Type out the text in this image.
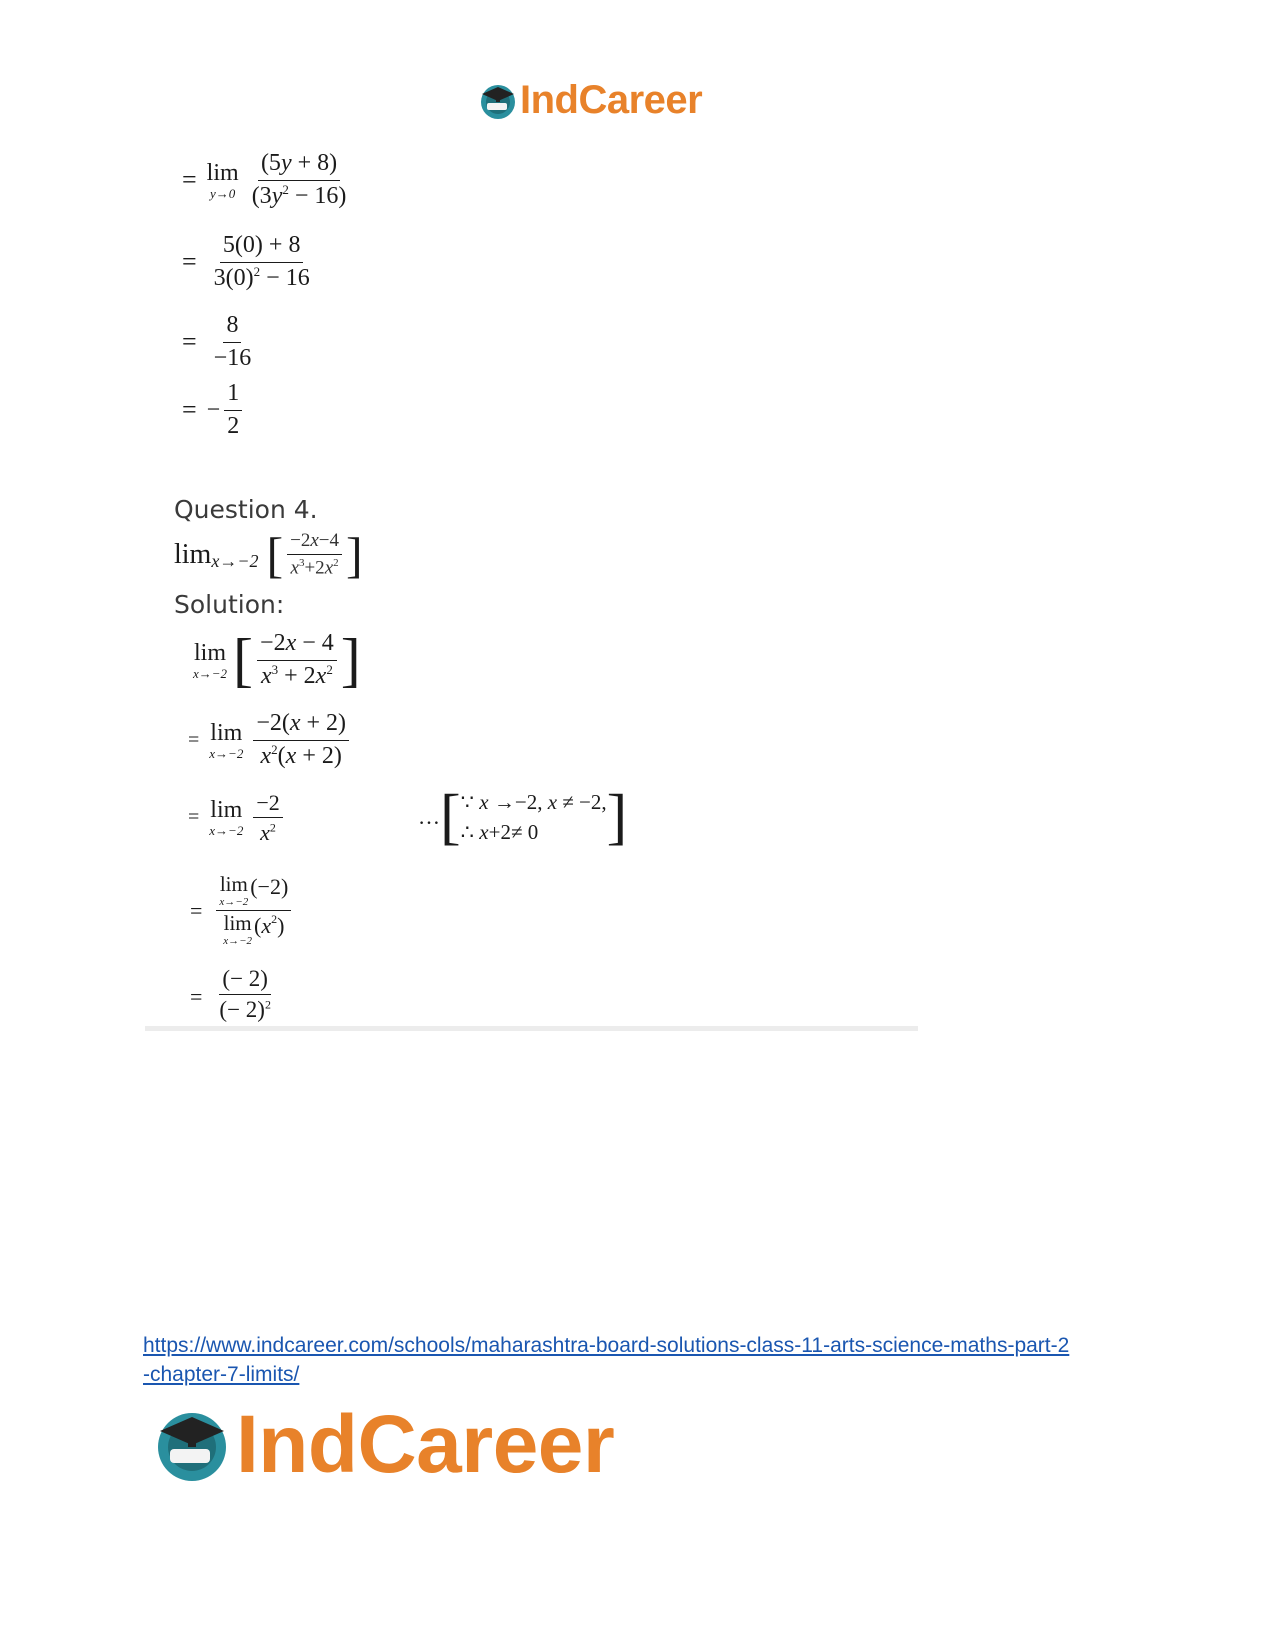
IndCareer
= lim
$y\to 0 \frac{(5y + 8)}{(3y^2 - 16)}$
= $\frac{5(0) + 8}{3(0)^2 - 16}$
= $\frac{8}{-16}$
= − $\frac{1}{2}$
Question 4.
lim x→−2 [ $\frac{-2x-4}{x^3+2x^2}$ ]
Solution:
lim
x→−2 [ $\frac{-2x - 4}{x^3 + 2x^2}$ ]
= lim
$x\to-2 \frac{-2(x + 2)}{x^2(x + 2)}$
= lim
$x\to-2 \frac{-2}{x^2}$	… [ ∵ x →−2, x ≠ −2,
∴ x+2≠ 0	]
= lim
x→−2
(−2)
lim
x→−2
( $x^2$ )
= $\frac{(- 2)}{(- 2)^2}$
https://www.indcareer.com/schools/maharashtra-board-solutions-class-11-arts-science-maths-part-2-chapter-7-limits/
IndCareer
